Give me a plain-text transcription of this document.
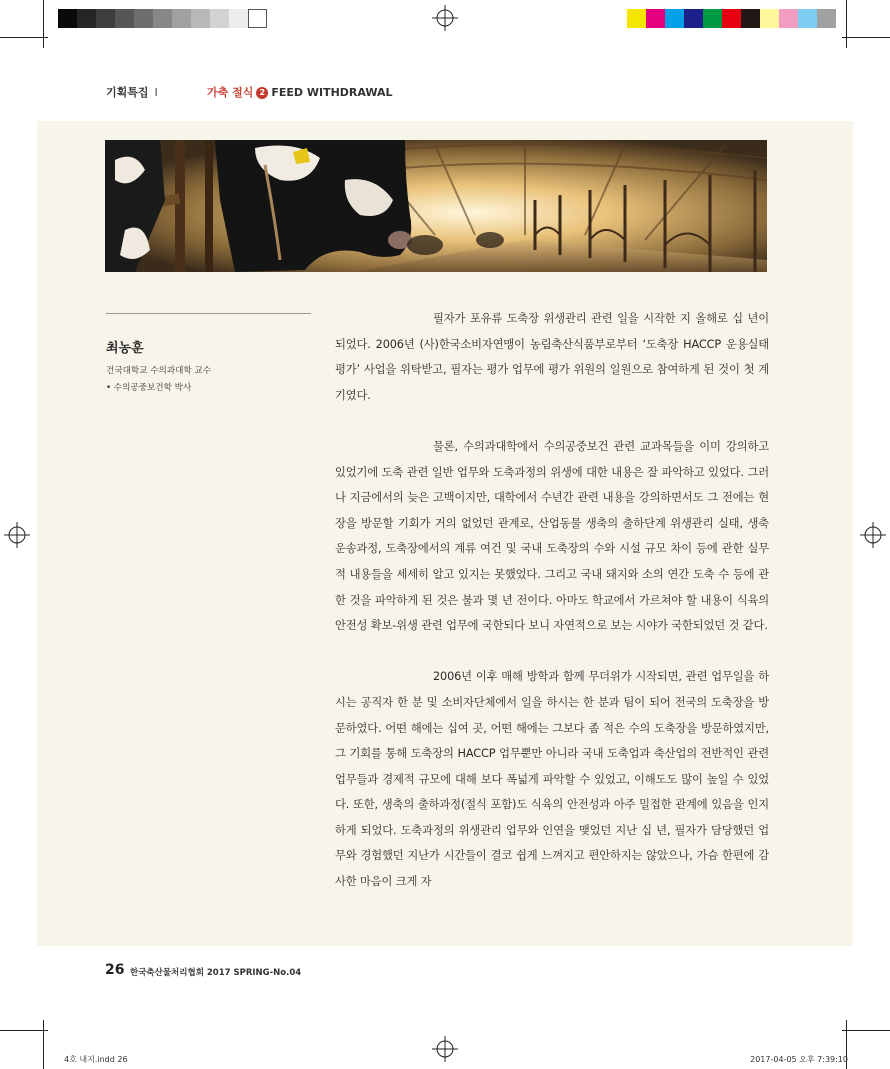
기획특집 I	가축 절식 2 FEED WITHDRAWAL
최농훈
건국대학교 수의과대학 교수
• 수의공중보건학 박사

필자가 포유류 도축장 위생관리 관련 일을 시작한 지 올해로 십 년이 되었다. 2006년 (사)한국소비자연맹이 농림축산식품부로부터 ‘도축장 HACCP 운용실태 평가’ 사업을 위탁받고, 필자는 평가 업무에 평가 위원의 일원으로 참여하게 된 것이 첫 계기였다.

물론, 수의과대학에서 수의공중보건 관련 교과목들을 이미 강의하고 있었기에 도축 관련 일반 업무와 도축과정의 위생에 대한 내용은 잘 파악하고 있었다. 그러나 지금에서의 늦은 고백이지만, 대학에서 수년간 관련 내용을 강의하면서도 그 전에는 현장을 방문할 기회가 거의 없었던 관계로, 산업동물 생축의 출하단계 위생관리 실태, 생축 운송과정, 도축장에서의 계류 여건 및 국내 도축장의 수와 시설 규모 차이 등에 관한 실무적 내용들을 세세히 알고 있지는 못했었다. 그리고 국내 돼지와 소의 연간 도축 수 등에 관한 것을 파악하게 된 것은 불과 몇 년 전이다. 아마도 학교에서 가르쳐야 할 내용이 식육의 안전성 확보-위생 관련 업무에 국한되다 보니 자연적으로 보는 시야가 국한되었던 것 같다.

2006년 이후 매해 방학과 함께 무더위가 시작되면, 관련 업무일을 하시는 공직자 한 분 및 소비자단체에서 일을 하시는 한 분과 팀이 되어 전국의 도축장을 방문하였다. 어떤 해에는 십여 곳, 어떤 해에는 그보다 좀 적은 수의 도축장을 방문하였지만, 그 기회를 통해 도축장의 HACCP 업무뿐만 아니라 국내 도축업과 축산업의 전반적인 관련 업무들과 경제적 규모에 대해 보다 폭넓게 파악할 수 있었고, 이해도도 많이 높일 수 있었다. 또한, 생축의 출하과정(절식 포함)도 식육의 안전성과 아주 밀접한 관계에 있음을 인지하게 되었다. 도축과정의 위생관리 업무와 인연을 맺었던 지난 십 년, 필자가 담당했던 업무와 경험했던 지난가 시간들이 결코 쉽게 느껴지고 편안하지는 않았으나, 가슴 한편에 감사한 마음이 크게 자

26 한국축산물처리협회 2017 SPRING-No.04
4호 내지.indd 26	2017-04-05 오후 7:39:10
